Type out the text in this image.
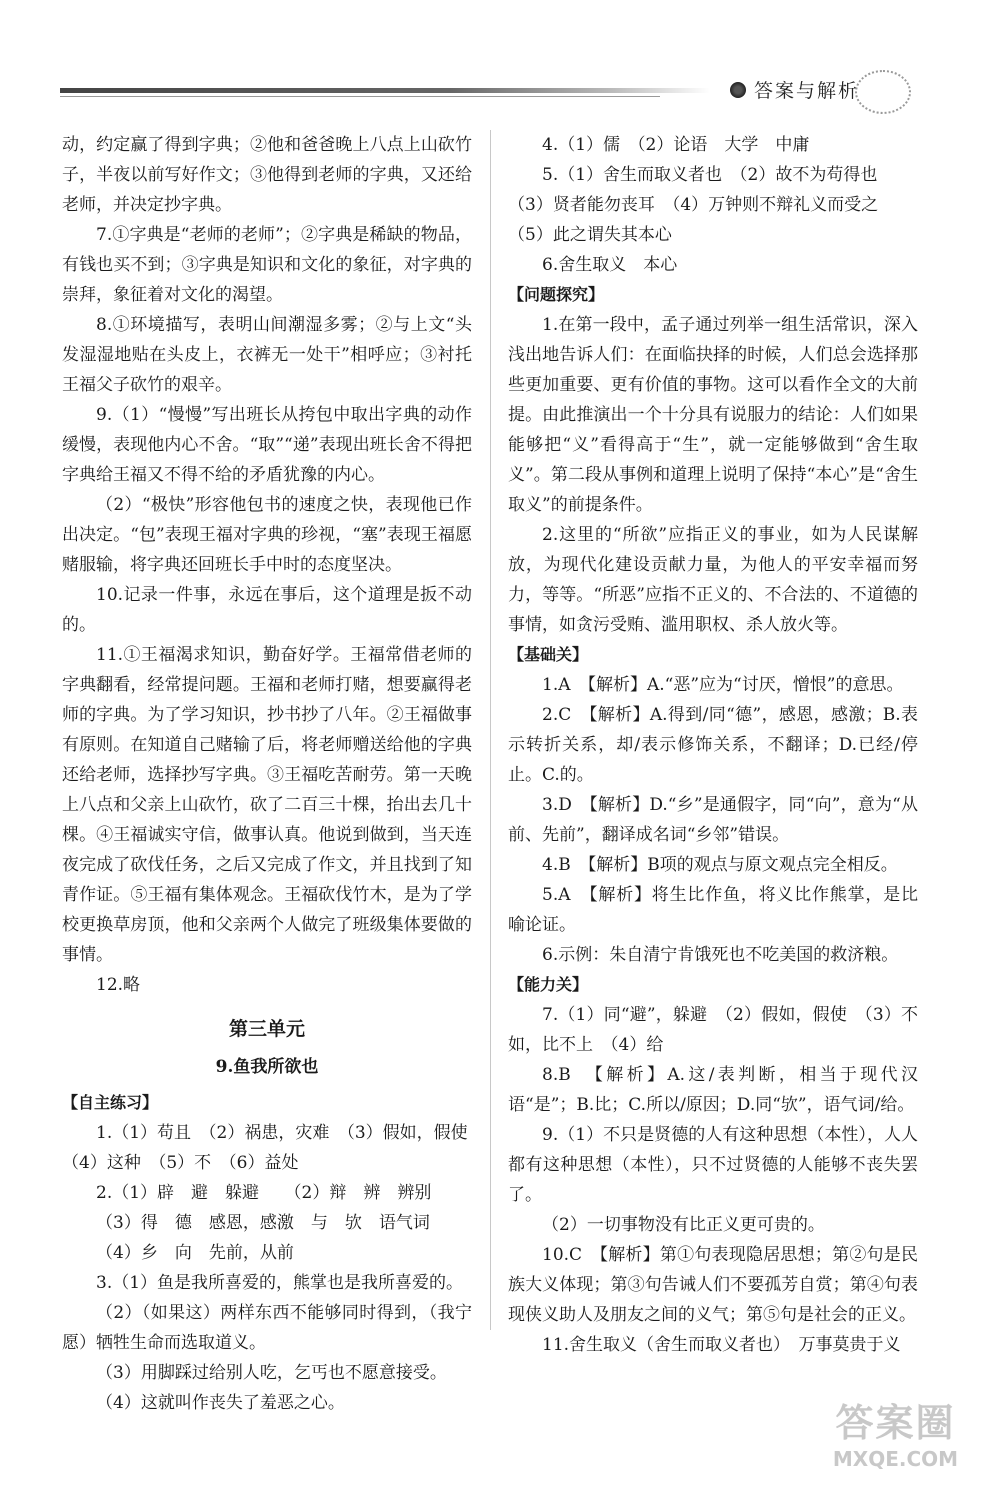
答案与解析

动，约定赢了得到字典；②他和爸爸晚上八点上山砍竹子，半夜以前写好作文；③他得到老师的字典，又还给老师，并决定抄字典。

7.①字典是“老师的老师”；②字典是稀缺的物品，有钱也买不到；③字典是知识和文化的象征，对字典的崇拜，象征着对文化的渴望。

8.①环境描写，表明山间潮湿多雾；②与上文“头发湿湿地贴在头皮上，衣裤无一处干”相呼应；③衬托王福父子砍竹的艰辛。

9.（1）“慢慢”写出班长从挎包中取出字典的动作缓慢，表现他内心不舍。“取”“递”表现出班长舍不得把字典给王福又不得不给的矛盾犹豫的内心。

（2）“极快”形容他包书的速度之快，表现他已作出决定。“包”表现王福对字典的珍视，“塞”表现王福愿赌服输，将字典还回班长手中时的态度坚决。

10.记录一件事，永远在事后，这个道理是扳不动的。

11.①王福渴求知识，勤奋好学。王福常借老师的字典翻看，经常提问题。王福和老师打赌，想要赢得老师的字典。为了学习知识，抄书抄了八年。②王福做事有原则。在知道自己赌输了后，将老师赠送给他的字典还给老师，选择抄写字典。③王福吃苦耐劳。第一天晚上八点和父亲上山砍竹，砍了二百三十棵，抬出去几十棵。④王福诚实守信，做事认真。他说到做到，当天连夜完成了砍伐任务，之后又完成了作文，并且找到了知青作证。⑤王福有集体观念。王福砍伐竹木，是为了学校更换草房顶，他和父亲两个人做完了班级集体要做的事情。

12.略

第三单元
9.鱼我所欲也

【自主练习】

1.（1）苟且　（2）祸患，灾难　（3）假如，假使

（4）这种　（5）不　（6）益处

2.（1）辟　避　躲避　　（2）辩　辨　辨别

（3）得　德　感恩，感激　与　欤　语气词

（4）乡　向　先前，从前

3.（1）鱼是我所喜爱的，熊掌也是我所喜爱的。

（2）（如果这）两样东西不能够同时得到，（我宁愿）牺牲生命而选取道义。

（3）用脚踩过给别人吃，乞丐也不愿意接受。

（4）这就叫作丧失了羞恶之心。

4.（1）儒　（2）论语　大学　中庸

5.（1）舍生而取义者也　（2）故不为苟得也

（3）贤者能勿丧耳　（4）万钟则不辩礼义而受之

（5）此之谓失其本心

6.舍生取义　本心

【问题探究】

1.在第一段中，孟子通过列举一组生活常识，深入浅出地告诉人们：在面临抉择的时候，人们总会选择那些更加重要、更有价值的事物。这可以看作全文的大前提。由此推演出一个十分具有说服力的结论：人们如果能够把“义”看得高于“生”，就一定能够做到“舍生取义”。第二段从事例和道理上说明了保持“本心”是“舍生取义”的前提条件。

2.这里的“所欲”应指正义的事业，如为人民谋解放，为现代化建设贡献力量，为他人的平安幸福而努力，等等。“所恶”应指不正义的、不合法的、不道德的事情，如贪污受贿、滥用职权、杀人放火等。

【基础关】

1.A　【解析】A.“恶”应为“讨厌，憎恨”的意思。

2.C　【解析】A.得到/同“德”，感恩，感激；B.表示转折关系，却/表示修饰关系，不翻译；D.已经/停止。C.的。

3.D　【解析】D.“乡”是通假字，同“向”，意为“从前、先前”，翻译成名词“乡邻”错误。

4.B　【解析】B项的观点与原文观点完全相反。

5.A　【解析】将生比作鱼，将义比作熊掌，是比喻论证。

6.示例：朱自清宁肯饿死也不吃美国的救济粮。

【能力关】

7.（1）同“避”，躲避　（2）假如，假使　（3）不如，比不上　（4）给

8.B　【解析】A.这/表判断，相当于现代汉语“是”；B.比；C.所以/原因；D.同“欤”，语气词/给。

9.（1）不只是贤德的人有这种思想（本性），人人都有这种思想（本性），只不过贤德的人能够不丧失罢了。

（2）一切事物没有比正义更可贵的。

10.C　【解析】第①句表现隐居思想；第②句是民族大义体现；第③句告诫人们不要孤芳自赏；第④句表现侠义助人及朋友之间的义气；第⑤句是社会的正义。

11.舍生取义（舍生而取义者也）　万事莫贵于义

答案圈
MXQE.COM
